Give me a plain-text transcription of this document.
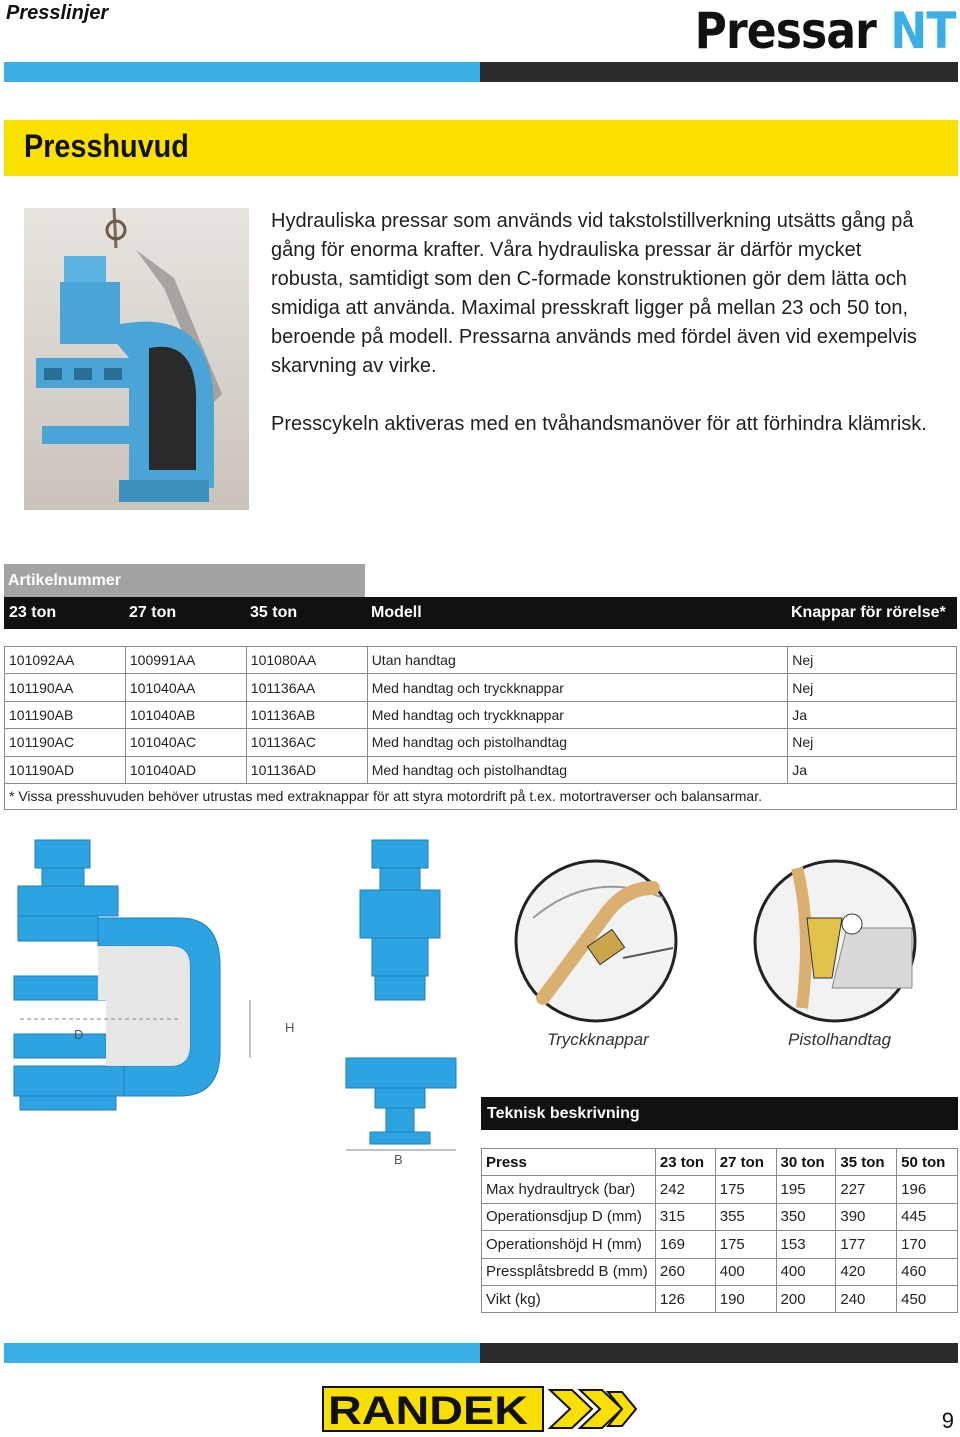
Presslinjer	Pressar NT
Presshuvud

Hydrauliska pressar som används vid takstolstillverkning utsätts gång på gång för enorma krafter. Våra hydrauliska pressar är därför mycket robusta, samtidigt som den C-formade konstruktionen gör dem lätta och smidiga att använda. Maximal presskraft ligger på mellan 23 och 50 ton, beroende på modell. Pressarna används med fördel även vid exempelvis skarvning av virke.

Presscykeln aktiveras med en tvåhandsmanöver för att förhindra klämrisk.

Artikelnummer
23 ton	27 ton	35 ton	Modell	Knappar för rörelse*
101092AA	100991AA	101080AA	Utan handtag	Nej
101190AA	101040AA	101136AA	Med handtag och tryckknappar	Nej
101190AB	101040AB	101136AB	Med handtag och tryckknappar	Ja
101190AC	101040AC	101136AC	Med handtag och pistolhandtag	Nej
101190AD	101040AD	101136AD	Med handtag och pistolhandtag	Ja
* Vissa presshuvuden behöver utrustas med extraknappar för att styra motordrift på t.ex. motortraverser och balansarmar.
D	H
B
Tryckknappar	Pistolhandtag
Teknisk beskrivning
Press	23 ton	27 ton	30 ton	35 ton	50 ton
Max hydraultryck (bar)	242	175	195	227	196
Operationsdjup D (mm)	315	355	350	390	445
Operationshöjd H (mm)	169	175	153	177	170
Pressplåtsbredd B (mm)	260	400	400	420	460
Vikt (kg)	126	190	200	240	450
RANDEK	9
